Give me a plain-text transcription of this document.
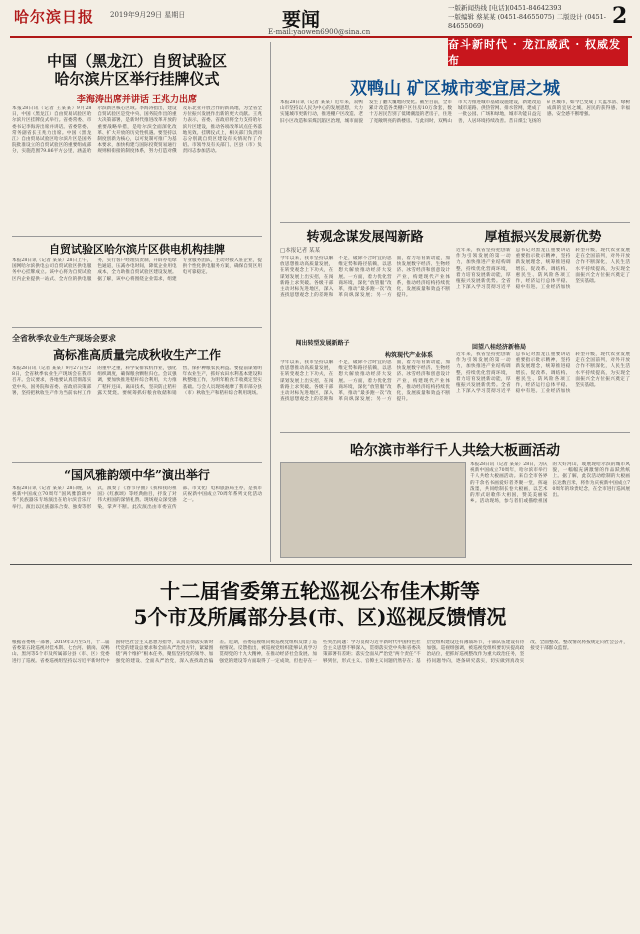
哈尔滨日报 2019年9月29日 星期日	要闻
E-mail:yaowen6900@sina.cn
一版新闻热线 [电话](0451-84642393
一版编辑 蔡某某 (0451-84655075) 二版设计 (0451-84655069)	2
奋斗新时代 · 龙江威武 · 权威发布
中国（黑龙江）自贸试验区
哈尔滨片区举行挂牌仪式
李海涛出席并讲话 王兆力出席
本报28日讯（记者 王某某）9月28日，中国（黑龙江）自由贸易试验区哈尔滨片区挂牌仪式举行。省委常委、市委书记李海涛出席并讲话。省委常委、常务副省长王兆力出席。中国（黑龙江）自由贸易试验区哈尔滨片区是国务院批准设立的自贸试验区的重要组成部分，实施范围79.86平方公里，涵盖哈尔滨新区核心区域。李海涛指出，建设自贸试验区是党中央、国务院作出的重大决策部署，是新时代推进改革开放的重要战略举措，是哈尔滨全面深化改革、扩大开放的历史性机遇。要坚持以制度创新为核心，以可复制可推广为基本要求，加快构建与国际投资贸易通行规则相衔接的制度体系，努力打造对俄及东北亚开放合作的新高地，为全省全方位振兴发展作出新的更大贡献。王兆力表示，省委、省政府将全力支持哈尔滨片区建设，推动各项改革试点任务落地见效。挂牌仪式上，相关部门负责同志分别就自贸区建设有关情况作了介绍。市领导及有关部门、区县（市）负责同志参加活动。
自贸试验区哈尔滨片区供电机构挂牌
本报28日讯（记者 某某）28日上午，国网哈尔滨供电公司自贸试验区供电服务中心挂牌成立。该中心将为自贸试验区内企业提供一站式、全方位的供电服务，实行客户经理负责制，开辟办电绿色通道，压减办电时间，降低企业用电成本，全力助推自贸试验区建设发展。据了解，该中心将围绕企业需求，组建专业服务团队，主动对接入驻企业，提供个性化供电服务方案，确保自贸区用电可靠稳定。
全省秋季农业生产现场会要求
高标准高质量完成秋收生产工作
本报28日讯（记者 某某）9月27日至28日，全省秋季农业生产现场会在我市召开。会议要求，各地要认真贯彻落实党中央、国务院和省委、省政府决策部署，坚持把秋收生产作为当前农村工作的重中之重，科学安排农机作业，强化组织调度，确保粮食颗粒归仓。会议强调，要加快推进秸秆综合利用，大力推广秸秆还田、离田技术，坚决防止秸秆露天焚烧。要统筹抓好粮食收储和销售，保护种粮农民利益。要提前谋划明年农业生产，抓好农田水利基本建设和秋整地工作，为明年粮食丰收奠定坚实基础。与会人员现场观摩了我市部分县（市）秋收生产和秸秆综合利用现场。
“国风雅韵颂中华”演出举行
本报28日讯（记者 某某）28日晚，庆祝新中国成立70周年“国风雅韵颂中华”民族器乐专场演出在哈尔滨音乐厅举行。演出以民族器乐合奏、独奏等形式，演奏了《春节序曲》《我和我的祖国》《红旗颂》等经典曲目，抒发了对伟大祖国的深情礼赞。现场观众深受感染，掌声不断。此次演出由市委宣传部、市文化广电和旅游局主办，是我市庆祝新中国成立70周年系列文化活动之一。
双鸭山 矿区城市变宜居之城
本报28日讯（记者 某某）近年来，双鸭山市坚持以人民为中心的发展思想，大力实施城市更新行动，推进棚户区改造、老旧小区改造和采煤沉陷区治理，城市面貌发生了翻天覆地的变化。截至目前，全市累计改造各类棚户区住房10万余套，数十万居民告别了低矮潮湿的老房子，住进了宽敞明亮的新楼房。与此同时，双鸭山市大力推进城市基础设施建设，新建改造城市道路、供热管网、排水管网，建成了一批公园、广场和绿地，城市功能日益完善，人居环境持续改善。昔日煤尘飞扬的矿区城市，如今已变成了天蓝水清、绿树成荫的宜居之城，居民的获得感、幸福感、安全感不断增强。
转观念谋发展闯新路
□本报记者 某某
今年以来，我市坚持以解放思想推动高质量发展，在转变观念上下功夫，在谋划发展上出实招，在闯新路上求突破。各级干部主动对标先进地区，深入查找思想观念上的差距和不足，破除不合时宜的思维定势和路径依赖，以思想大解放推动经济大发展。一方面，着力优化营商环境，深化“放管服”改革，推动“最多跑一次”改革向纵深发展；另一方面，着力培育新动能，加快发展数字经济、生物经济、冰雪经济和创意设计产业，构建现代产业体系，推动经济结构持续优化，发展质量和效益不断提升。
闯出转型发展新路子
构筑现代产业体系
今年以来，我市坚持以解放思想推动高质量发展，在转变观念上下功夫，在谋划发展上出实招，在闯新路上求突破。各级干部主动对标先进地区，深入查找思想观念上的差距和不足，破除不合时宜的思维定势和路径依赖，以思想大解放推动经济大发展。一方面，着力优化营商环境，深化“放管服”改革，推动“最多跑一次”改革向纵深发展；另一方面，着力培育新动能，加快发展数字经济、生物经济、冰雪经济和创意设计产业，构建现代产业体系，推动经济结构持续优化，发展质量和效益不断提升。
厚植振兴发展新优势
近年来，我省坚持把创新作为引领发展的第一动力，加快推进产业结构调整，持续优化营商环境，着力培育发展新动能，厚植振兴发展新优势。全省上下深入学习贯彻习近平总书记对黑龙江重要讲话重要指示批示精神，坚持新发展理念，统筹推进稳增长、促改革、调结构、惠民生、防风险各项工作，经济运行总体平稳、稳中有进。工业经济加快转型升级，现代农业发展走在全国前列，对外开放合作不断深化，人民生活水平持续提高，为实现全面振兴全方位振兴奠定了坚实基础。
回望八桂经济新格局
近年来，我省坚持把创新作为引领发展的第一动力，加快推进产业结构调整，持续优化营商环境，着力培育发展新动能，厚植振兴发展新优势。全省上下深入学习贯彻习近平总书记对黑龙江重要讲话重要指示批示精神，坚持新发展理念，统筹推进稳增长、促改革、调结构、惠民生、防风险各项工作，经济运行总体平稳、稳中有进。工业经济加快转型升级，现代农业发展走在全国前列，对外开放合作不断深化，人民生活水平持续提高，为实现全面振兴全方位振兴奠定了坚实基础。
哈尔滨市举行千人共绘大板画活动
本报28日讯（记者 某某）28日，为庆祝新中国成立70周年，哈尔滨市举行千人共绘大板画活动。来自全市各界的千余名书画爱好者齐聚一堂，挥毫泼墨，共同绘制长卷大板画，以艺术的形式讴歌伟大祖国，赞美美丽家乡。活动现场，参与者们或描绘祖国的大好河山，或展现哈尔滨的城市风貌，一幅幅充满激情的作品跃然纸上。据了解，此次活动绘制的大板画长达数百米，将作为庆祝新中国成立70周年的珍贵纪念，在全市进行巡回展出。
十二届省委第五轮巡视公布佳木斯等
5个市及所属部分县(市、区)巡视反馈情况
根据省委统一部署，2019年3月至5月，十二届省委第五轮巡视对佳木斯、七台河、鹤岗、双鸭山、黑河等5个市及所属部分县（市、区）党委进行了巡视。省委巡视组坚持以习近平新时代中国特色社会主义思想为指导，认真贯彻落实新时代党的建设总要求和全面从严治党方针，紧紧围绕“两个维护”根本任务，聚焦坚持党的领导、加强党的建设、全面从严治党，深入查找政治偏差。近期，省委巡视组向被巡视党组织反馈了巡视情况。反馈指出，被巡视党组织能够认真学习贯彻党的十九大精神，在推动经济社会发展、加强党的建设等方面取得了一定成效，但也存在一些突出问题：学习贯彻习近平新时代中国特色社会主义思想不够深入，贯彻落实党中央和省委决策部署有差距；落实全面从严治党“两个责任”不够到位，形式主义、官僚主义问题仍然存在；基层党组织建设还有薄弱环节，干部队伍建设有待加强。巡视组强调，被巡视党组织要切实提高政治站位，把抓好巡视整改作为重大政治任务，坚持问题导向，逐条研究落实，切实做到真改实改、全面整改。整改情况将按规定向社会公开，接受干部群众监督。
